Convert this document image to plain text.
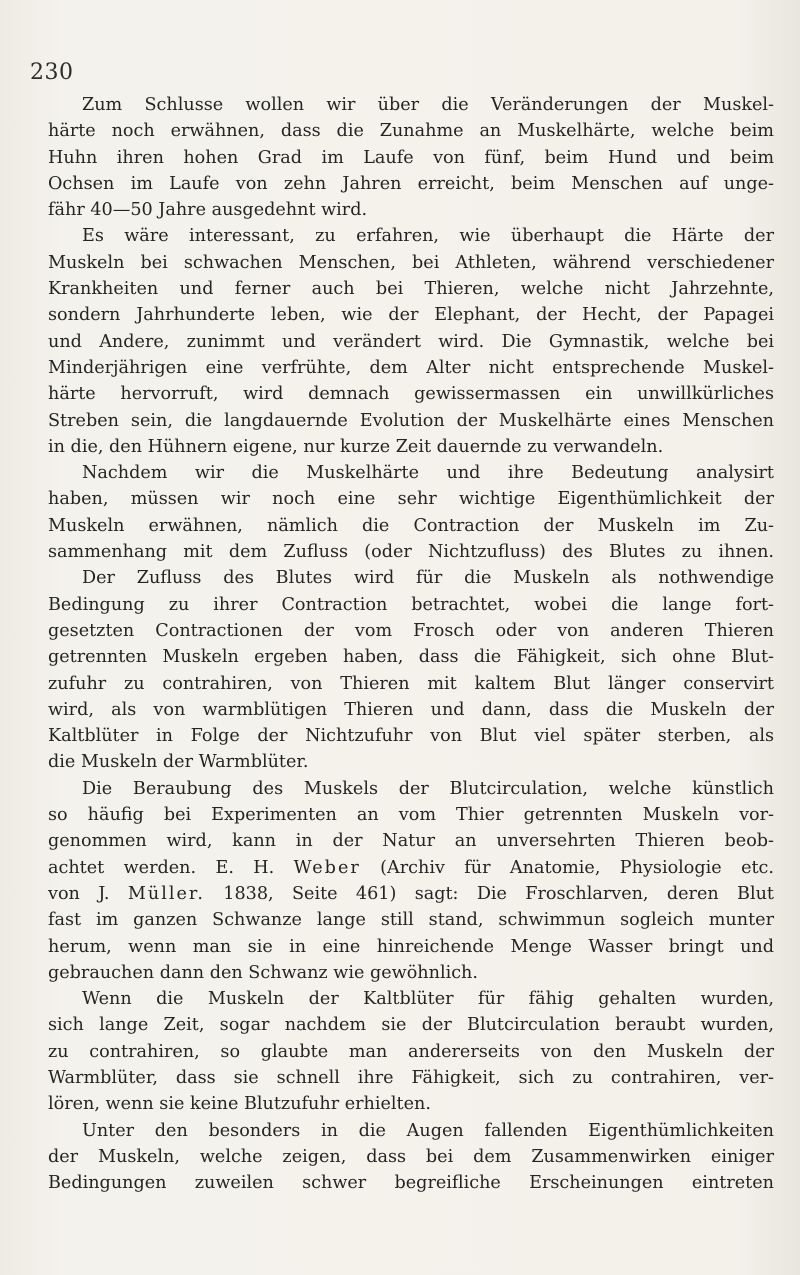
230
Zum Schlusse wollen wir über die Veränderungen der Muskel-
härte noch erwähnen, dass die Zunahme an Muskelhärte, welche beim
Huhn ihren hohen Grad im Laufe von fünf, beim Hund und beim
Ochsen im Laufe von zehn Jahren erreicht, beim Menschen auf unge-
fähr 40—50 Jahre ausgedehnt wird.
Es wäre interessant, zu erfahren, wie überhaupt die Härte der
Muskeln bei schwachen Menschen, bei Athleten, während verschiedener
Krankheiten und ferner auch bei Thieren, welche nicht Jahrzehnte,
sondern Jahrhunderte leben, wie der Elephant, der Hecht, der Papagei
und Andere, zunimmt und verändert wird. Die Gymnastik, welche bei
Minderjährigen eine verfrühte, dem Alter nicht entsprechende Muskel-
härte hervorruft, wird demnach gewissermassen ein unwillkürliches
Streben sein, die langdauernde Evolution der Muskelhärte eines Menschen
in die, den Hühnern eigene, nur kurze Zeit dauernde zu verwandeln.
Nachdem wir die Muskelhärte und ihre Bedeutung analysirt
haben, müssen wir noch eine sehr wichtige Eigenthümlichkeit der
Muskeln erwähnen, nämlich die Contraction der Muskeln im Zu-
sammenhang mit dem Zufluss (oder Nichtzufluss) des Blutes zu ihnen.
Der Zufluss des Blutes wird für die Muskeln als nothwendige
Bedingung zu ihrer Contraction betrachtet, wobei die lange fort-
gesetzten Contractionen der vom Frosch oder von anderen Thieren
getrennten Muskeln ergeben haben, dass die Fähigkeit, sich ohne Blut-
zufuhr zu contrahiren, von Thieren mit kaltem Blut länger conservirt
wird, als von warmblütigen Thieren und dann, dass die Muskeln der
Kaltblüter in Folge der Nichtzufuhr von Blut viel später sterben, als
die Muskeln der Warmblüter.
Die Beraubung des Muskels der Blutcirculation, welche künstlich
so häufig bei Experimenten an vom Thier getrennten Muskeln vor-
genommen wird, kann in der Natur an unversehrten Thieren beob-
achtet werden. E. H. Weber (Archiv für Anatomie, Physiologie etc.
von J. Müller. 1838, Seite 461) sagt: Die Froschlarven, deren Blut
fast im ganzen Schwanze lange still stand, schwimmun sogleich munter
herum, wenn man sie in eine hinreichende Menge Wasser bringt und
gebrauchen dann den Schwanz wie gewöhnlich.
Wenn die Muskeln der Kaltblüter für fähig gehalten wurden,
sich lange Zeit, sogar nachdem sie der Blutcirculation beraubt wurden,
zu contrahiren, so glaubte man andererseits von den Muskeln der
Warmblüter, dass sie schnell ihre Fähigkeit, sich zu contrahiren, ver-
lören, wenn sie keine Blutzufuhr erhielten.
Unter den besonders in die Augen fallenden Eigenthümlichkeiten
der Muskeln, welche zeigen, dass bei dem Zusammenwirken einiger
Bedingungen zuweilen schwer begreifliche Erscheinungen eintreten
